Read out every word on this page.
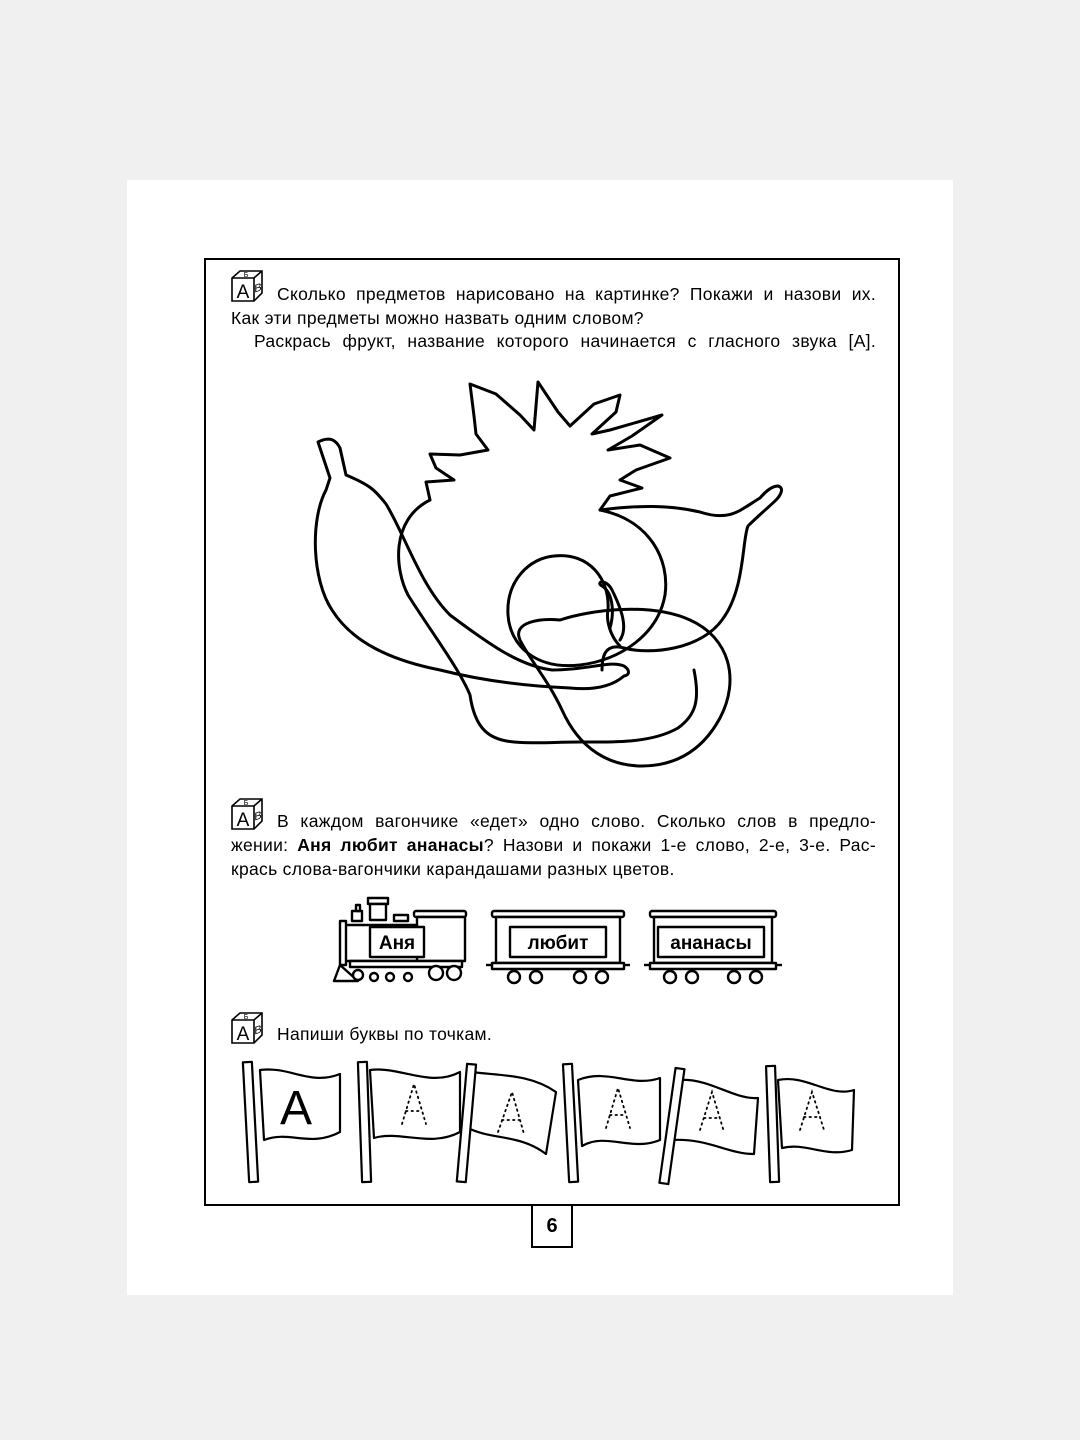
A B
Б
A B
Б
A B
Б
Сколько предметов нарисовано на картинке? Покажи и назови их.
Как эти предметы можно назвать одним словом?
Раскрась фрукт, название которого начинается с гласного звука [А].
В каждом вагончике «едет» одно слово. Сколько слов в предло-
жении: Аня любит ананасы? Назови и покажи 1-е слово, 2-е, 3-е. Рас-
крась слова-вагончики карандашами разных цветов.
Аня	любит	ананасы
Напиши буквы по точкам.
А
6
